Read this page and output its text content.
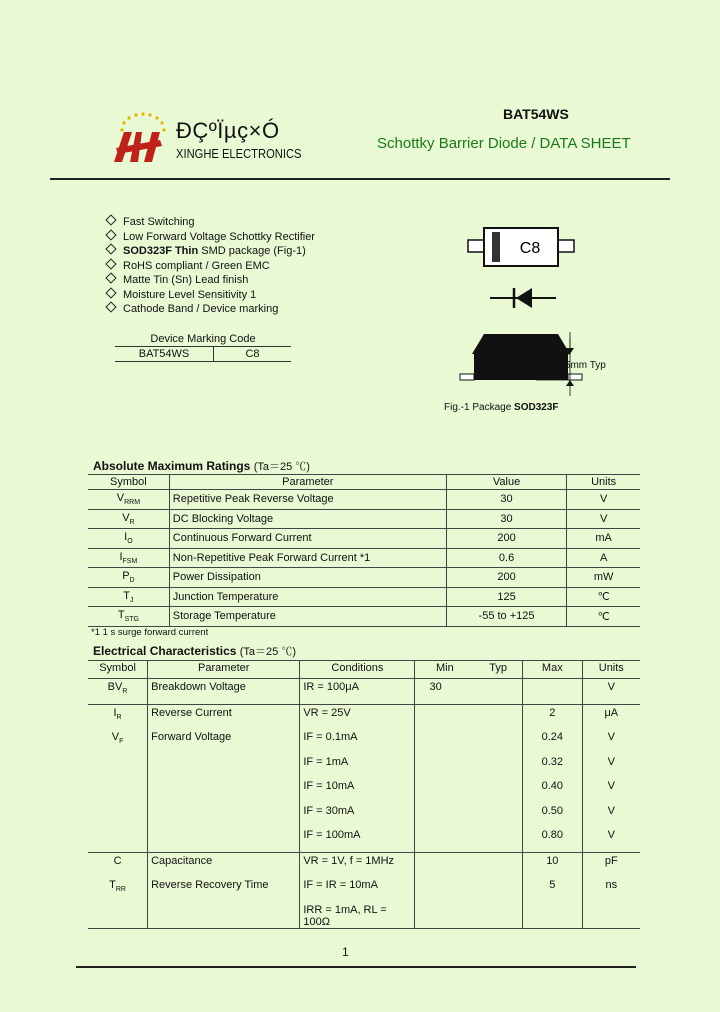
ÐÇºÏµç×Ó
XINGHE ELECTRONICS
BAT54WS
Schottky Barrier Diode / DATA SHEET
Fast Switching
Low Forward Voltage Schottky Rectifier
SOD323F Thin SMD package (Fig-1)
RoHS compliant / Green EMC
Matte Tin (Sn) Lead finish
Moisture Level Sensitivity 1
Cathode Band / Device marking
Device Marking Code
BAT54WS	C8
C8
0.65mm Typ
Fig.-1 Package SOD323F
Absolute Maximum Ratings (Ta＝25 ℃)
Symbol	Parameter	Value	Units
$V_{RRM}$	Repetitive Peak Reverse Voltage	30	V
$V_R$	DC Blocking Voltage	30	V
$I_O$	Continuous Forward Current	200	mA
$I_{FSM}$	Non-Repetitive Peak Forward Current *1	0.6	A
$P_D$	Power Dissipation	200	mW
$T_J$	Junction Temperature	125	℃
$T_{STG}$	Storage Temperature	-55 to +125	℃
*1 1 s surge forward current
Electrical Characteristics (Ta＝25 ℃)
Symbol	Parameter	Conditions	Min	Typ	Max	Units
$BV_R$	Breakdown Voltage	IR = 100μA	30			V
$I_R$	Reverse Current	VR = 25V			2	μA
$V_F$	Forward Voltage	IF = 0.1mA			0.24	V
		IF = 1mA			0.32	V
		IF = 10mA			0.40	V
		IF = 30mA			0.50	V
		IF = 100mA			0.80	V
C	Capacitance	VR = 1V, f = 1MHz			10	pF
$T_{RR}$	Reverse Recovery Time	IF = IR = 10mA			5	ns
		IRR = 1mA, RL = 100Ω				
1
